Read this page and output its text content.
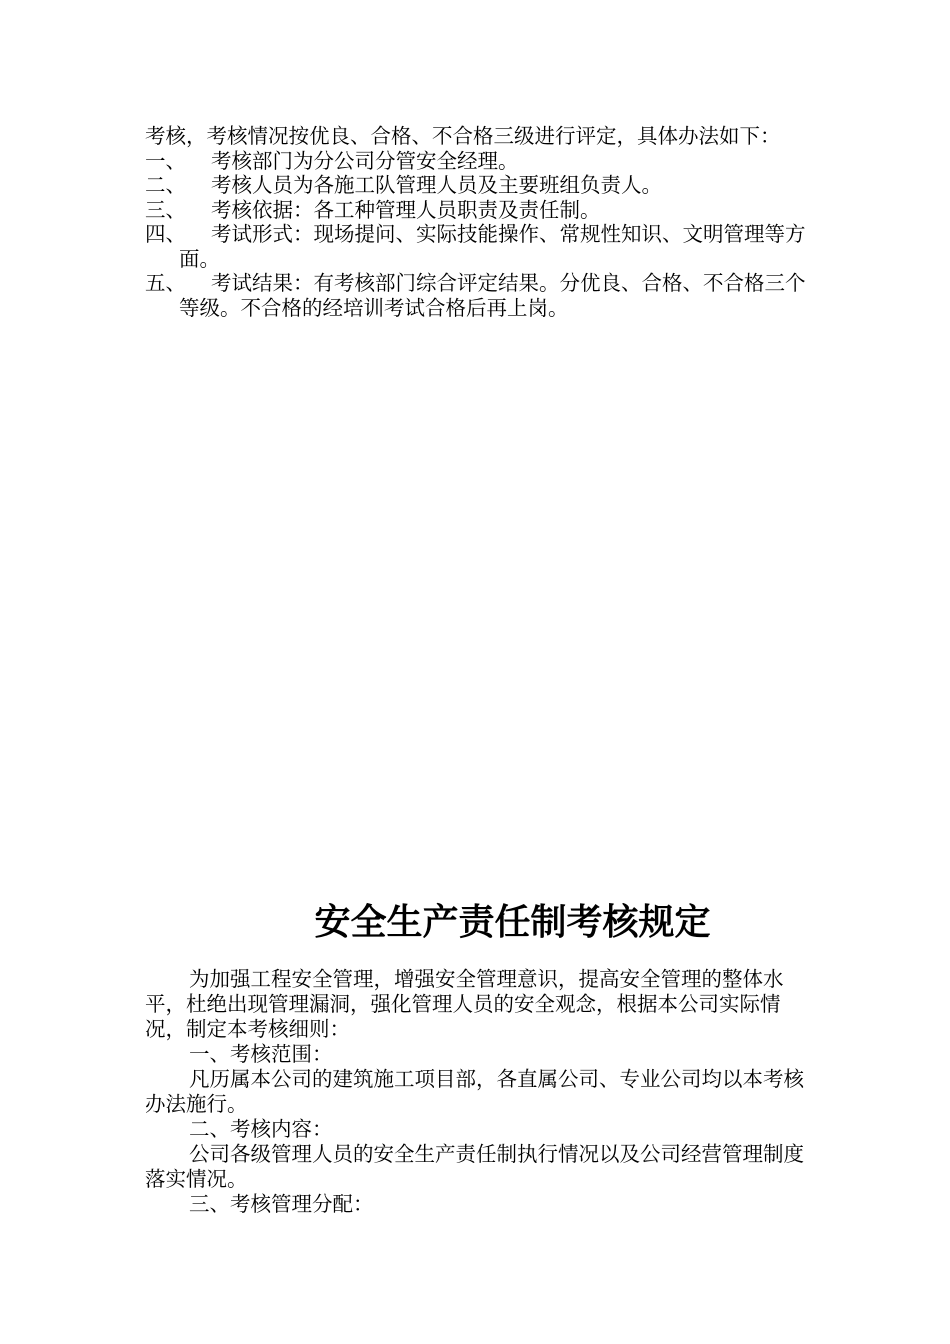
考核，考核情况按优良、合格、不合格三级进行评定，具体办法如下：

一、	考核部门为分公司分管安全经理。
二、	考核人员为各施工队管理人员及主要班组负责人。
三、	考核依据：各工种管理人员职责及责任制。
四、	考试形式：现场提问、实际技能操作、常规性知识、文明管理等方面。
五、	考试结果：有考核部门综合评定结果。分优良、合格、不合格三个等级。不合格的经培训考试合格后再上岗。
安全生产责任制考核规定

为加强工程安全管理，增强安全管理意识，提高安全管理的整体水平，杜绝出现管理漏洞，强化管理人员的安全观念，根据本公司实际情况，制定本考核细则：

一、考核范围：

凡历属本公司的建筑施工项目部，各直属公司、专业公司均以本考核办法施行。

二、考核内容：

公司各级管理人员的安全生产责任制执行情况以及公司经营管理制度落实情况。

三、考核管理分配：
